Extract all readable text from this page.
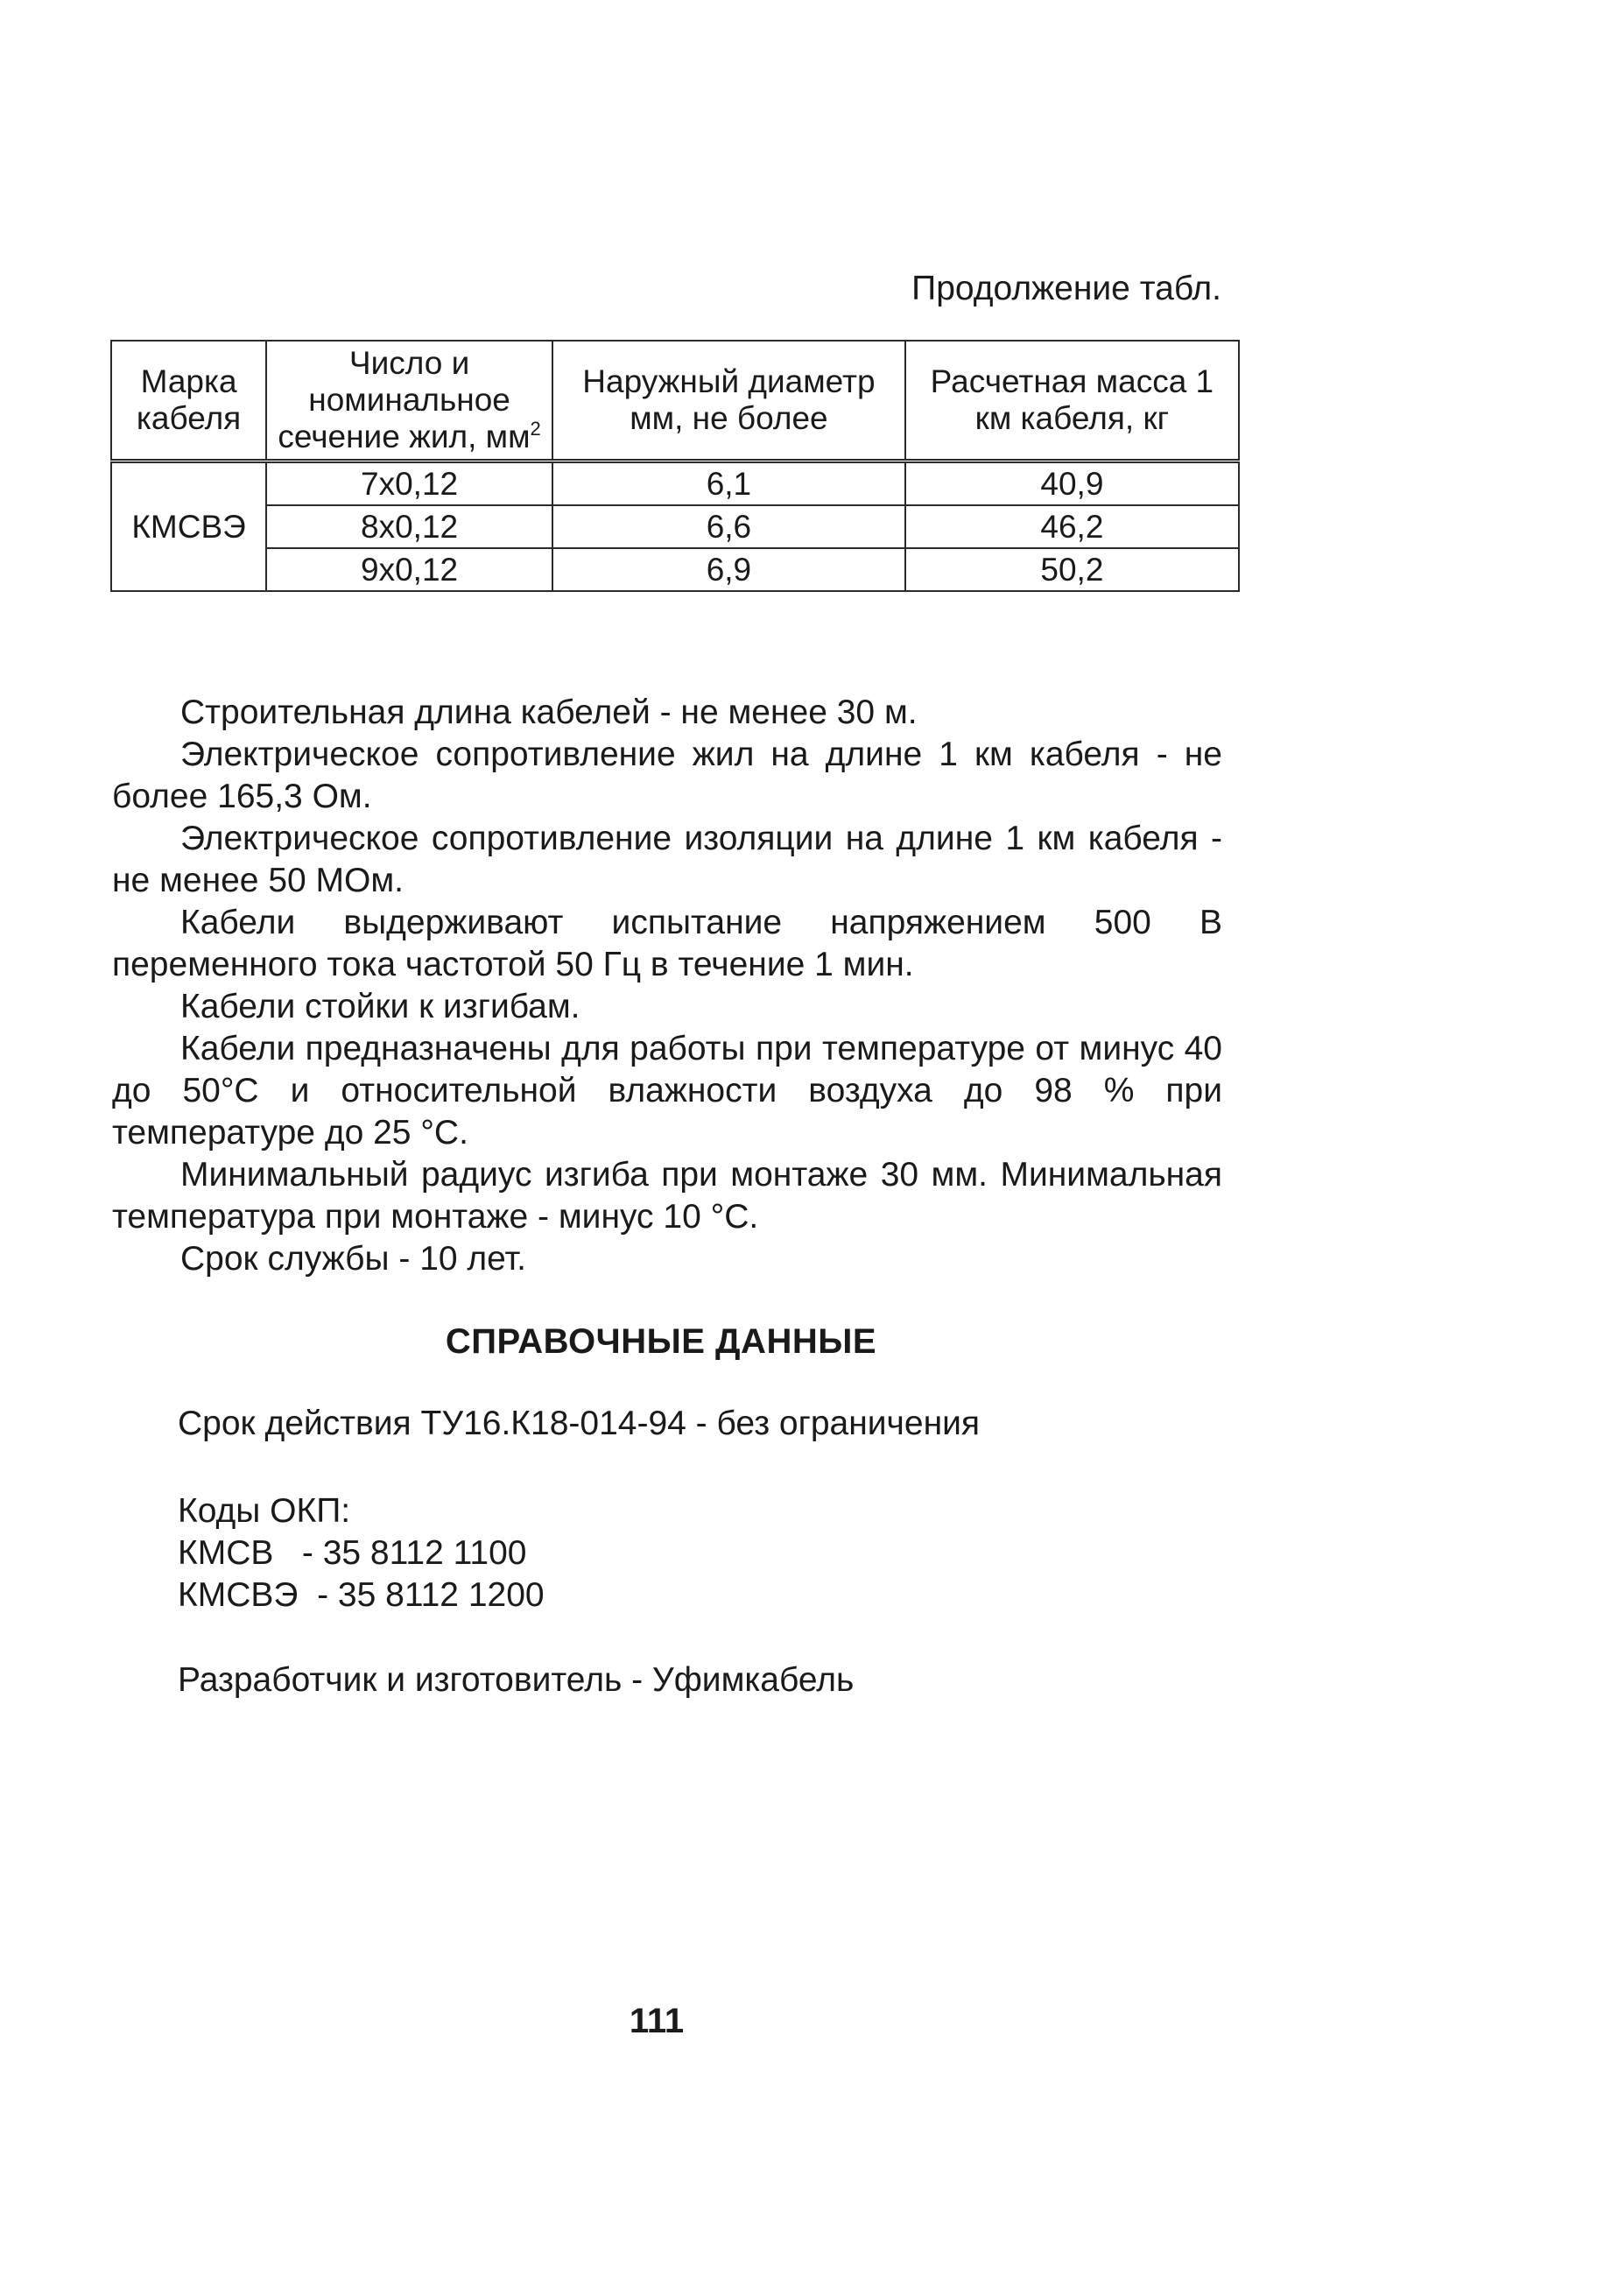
Продолжение табл.
Марка кабеля	Число и номинальное сечение жил, $мм^2$	Наружный диаметр мм, не более	Расчетная масса 1 км кабеля, кг
КМСВЭ	7х0,12	6,1	40,9
	8х0,12	6,6	46,2
	9х0,12	6,9	50,2

Строительная длина кабелей - не менее 30 м.

Электрическое сопротивление жил на длине 1 км кабеля - не более 165,3 Ом.

Электрическое сопротивление изоляции на длине 1 км кабеля - не менее 50 МОм.

Кабели выдерживают испытание напряжением 500 В переменного тока частотой 50 Гц в течение 1 мин.

Кабели стойки к изгибам.

Кабели предназначены для работы при температуре от минус 40 до 50°С и относительной влажности воздуха до 98 % при температуре до 25 °С.

Минимальный радиус изгиба при монтаже 30 мм. Минимальная температура при монтаже - минус 10 °С.

Срок службы - 10 лет.

СПРАВОЧНЫЕ ДАННЫЕ
Срок действия ТУ16.К18-014-94 - без ограничения
Коды ОКП:
КМСВ   - 35 8112 1100
КМСВЭ  - 35 8112 1200
Разработчик и изготовитель - Уфимкабель
111
